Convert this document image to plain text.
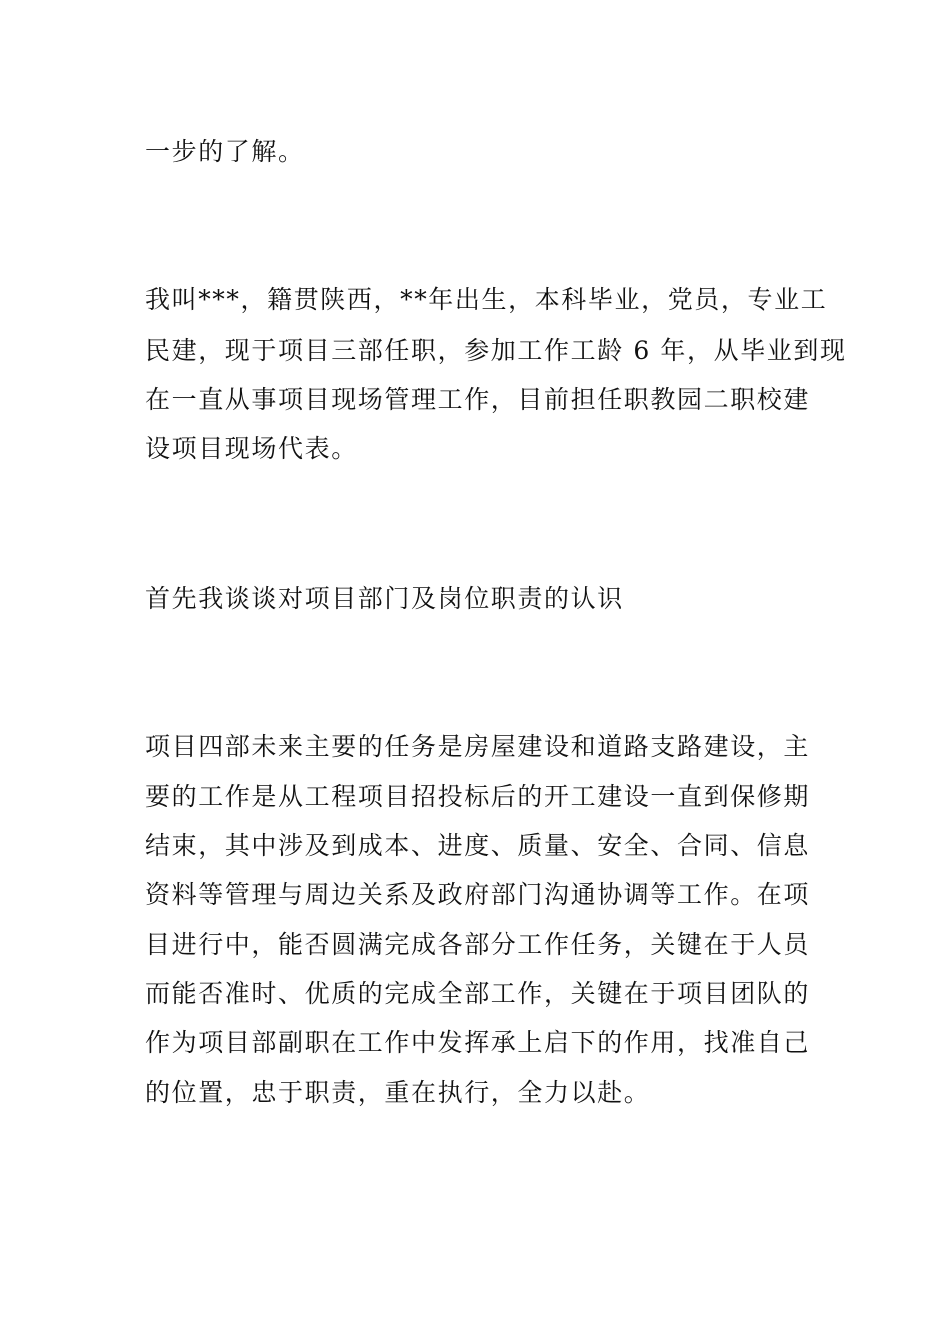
一步的了解。
我叫***，籍贯陕西，**年出生，本科毕业，党员，专业工
民建，现于项目三部任职，参加工作工龄 6 年，从毕业到现
在一直从事项目现场管理工作，目前担任职教园二职校建
设项目现场代表。
首先我谈谈对项目部门及岗位职责的认识
项目四部未来主要的任务是房屋建设和道路支路建设，主
要的工作是从工程项目招投标后的开工建设一直到保修期
结束，其中涉及到成本、进度、质量、安全、合同、信息
资料等管理与周边关系及政府部门沟通协调等工作。在项
目进行中，能否圆满完成各部分工作任务，关键在于人员
而能否准时、优质的完成全部工作，关键在于项目团队的
作为项目部副职在工作中发挥承上启下的作用，找准自己
的位置，忠于职责，重在执行，全力以赴。
